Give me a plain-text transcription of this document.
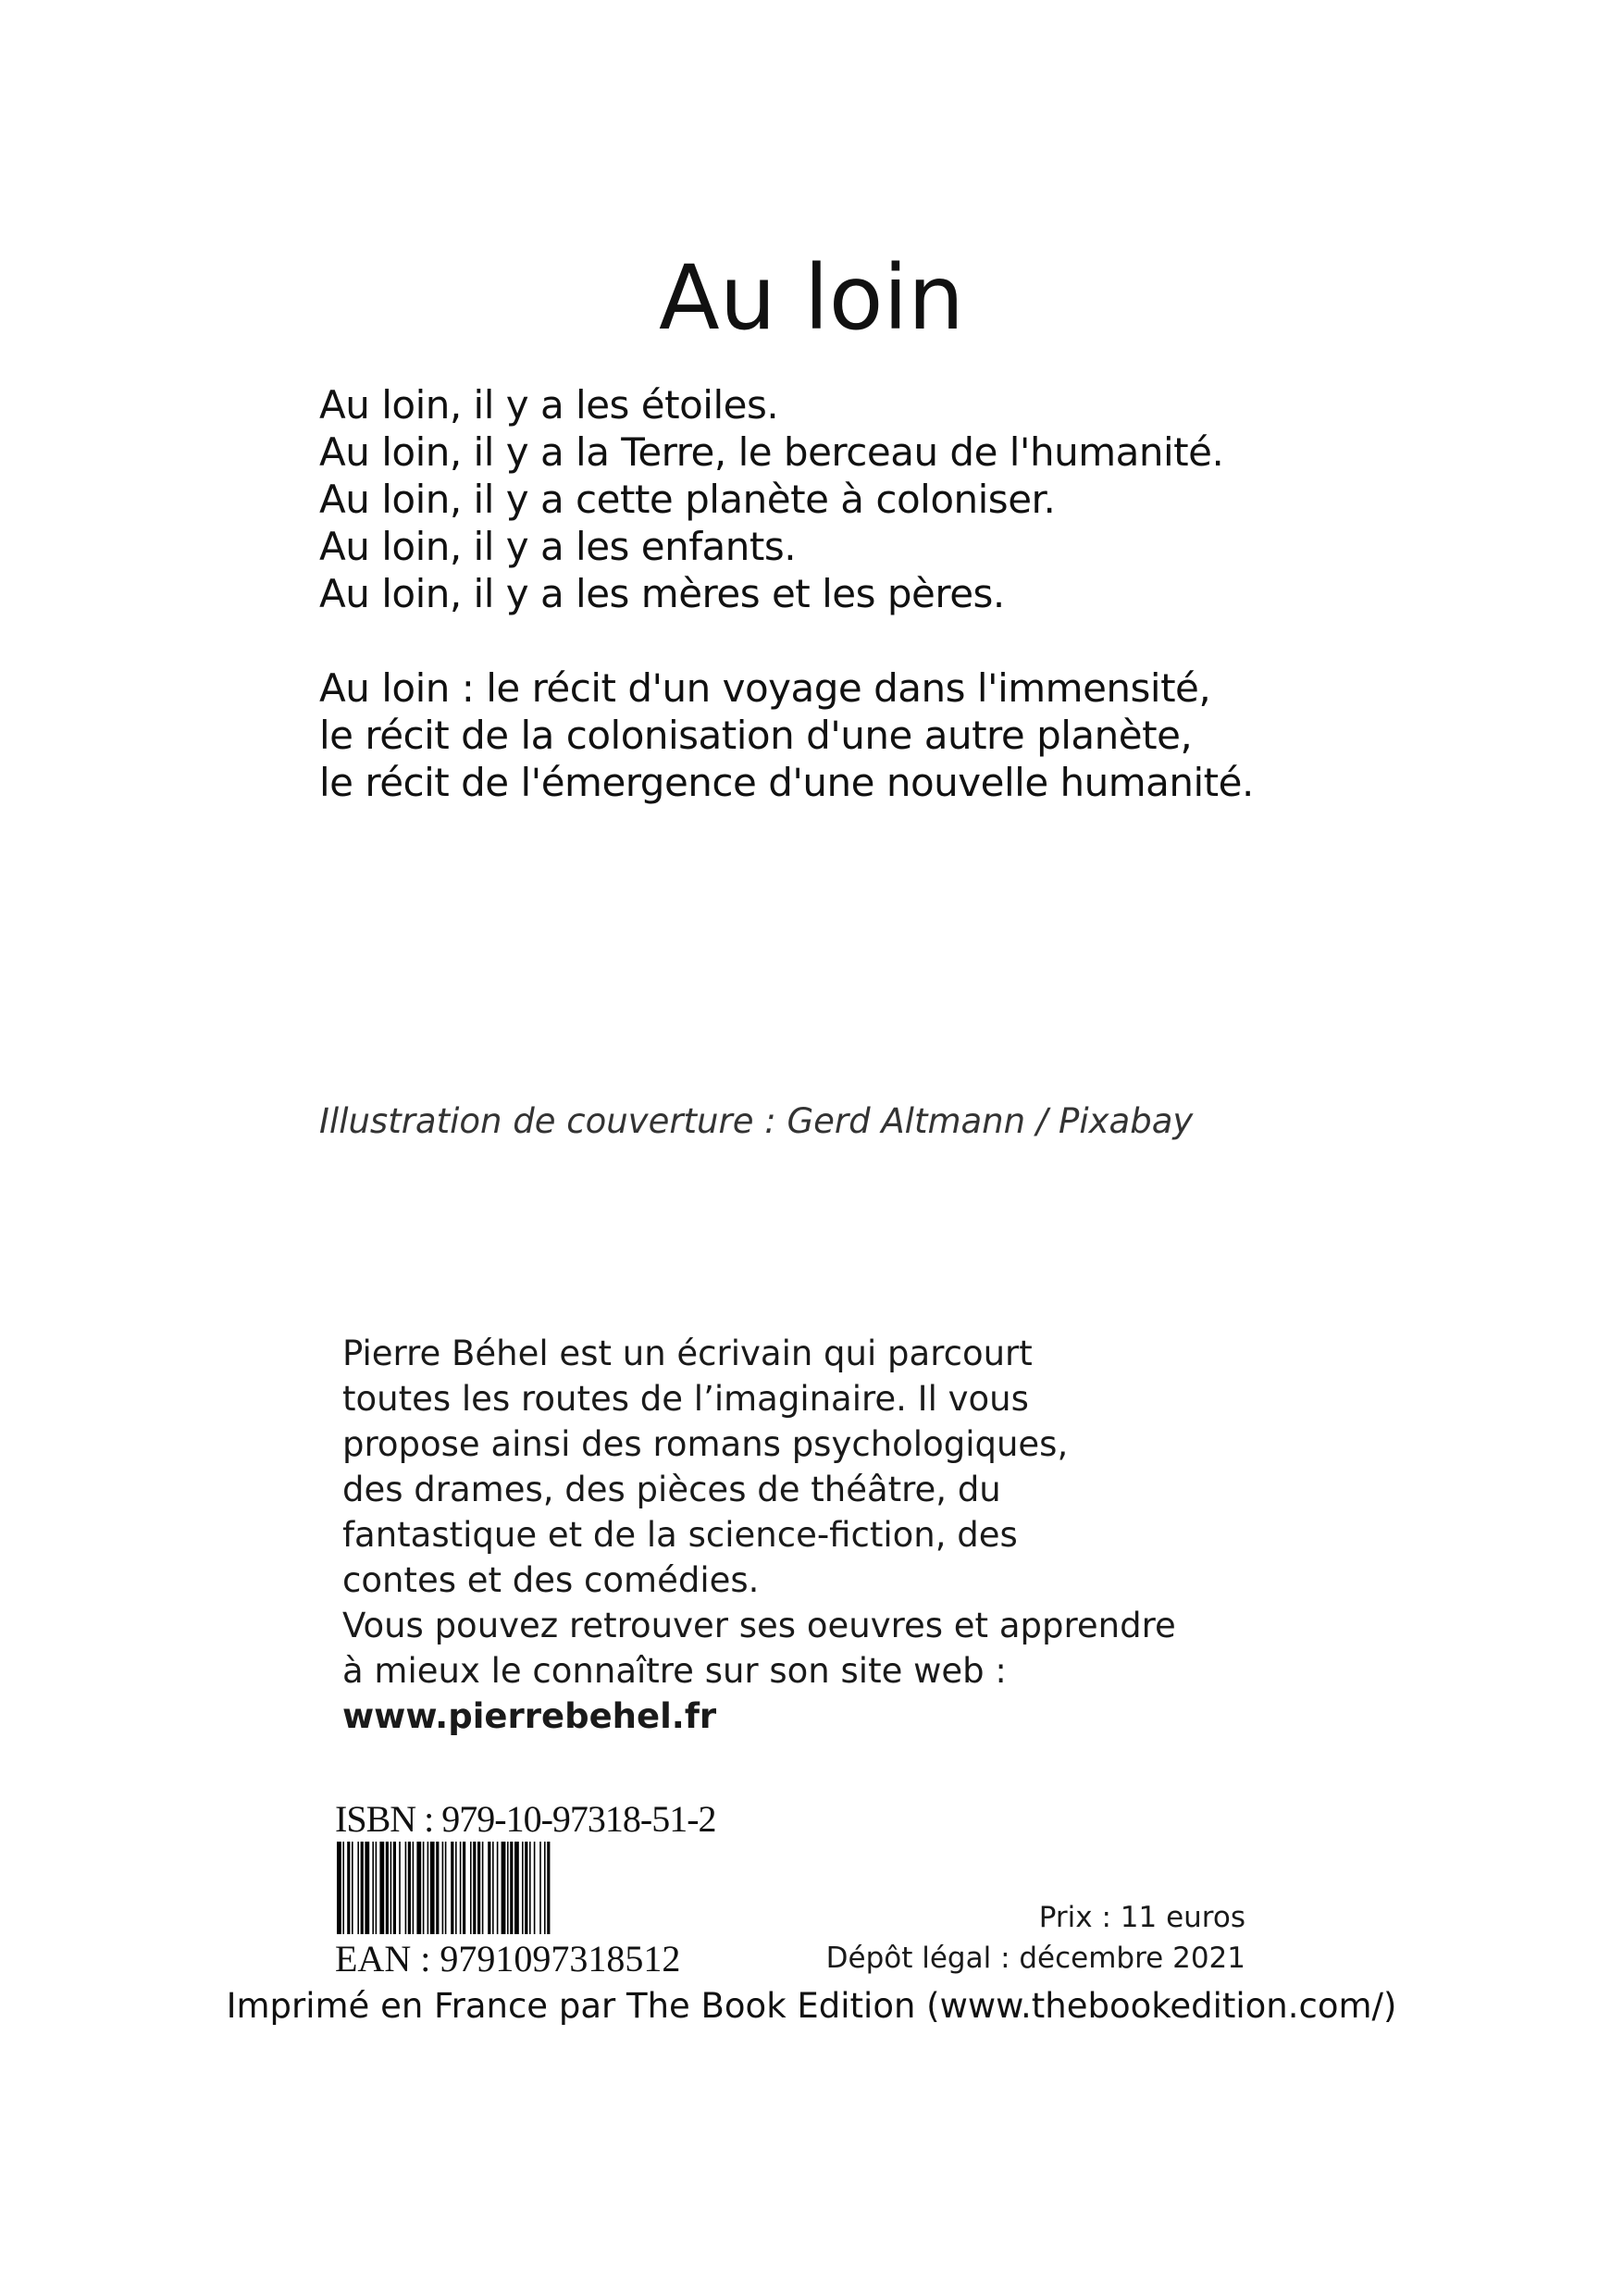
Au loin
Au loin, il y a les étoiles.
Au loin, il y a la Terre, le berceau de l'humanité.
Au loin, il y a cette planète à coloniser.
Au loin, il y a les enfants.
Au loin, il y a les mères et les pères.
Au loin : le récit d'un voyage dans l'immensité,
le récit de la colonisation d'une autre planète,
le récit de l'émergence d'une nouvelle humanité.
Illustration de couverture : Gerd Altmann / Pixabay
Pierre Béhel est un écrivain qui parcourt
toutes les routes de l’imaginaire. Il vous
propose ainsi des romans psychologiques,
des drames, des pièces de théâtre, du
fantastique et de la science-fiction, des
contes et des comédies.
Vous pouvez retrouver ses oeuvres et apprendre
à mieux le connaître sur son site web :
www.pierrebehel.fr
ISBN : 979-10-97318-51-2
EAN : 9791097318512
Prix : 11 euros
Dépôt légal : décembre 2021
Imprimé en France par The Book Edition (www.thebookedition.com/)
